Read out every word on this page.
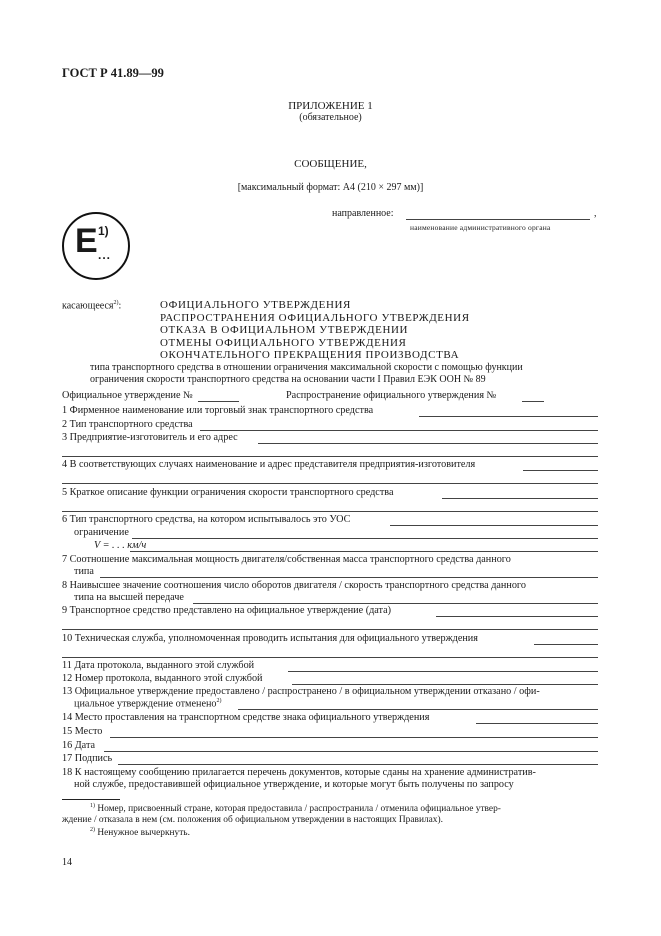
ГОСТ Р 41.89—99
ПРИЛОЖЕНИЕ 1
(обязательное)
СООБЩЕНИЕ,
[максимальный формат: А4 (210 × 297 мм)]
направленное:	,
наименование административного органа
E 1)
...
касающееся$^{2)}$:	ОФИЦИАЛЬНОГО УТВЕРЖДЕНИЯ
РАСПРОСТРАНЕНИЯ ОФИЦИАЛЬНОГО УТВЕРЖДЕНИЯ
ОТКАЗА В ОФИЦИАЛЬНОМ УТВЕРЖДЕНИИ
ОТМЕНЫ ОФИЦИАЛЬНОГО УТВЕРЖДЕНИЯ
ОКОНЧАТЕЛЬНОГО ПРЕКРАЩЕНИЯ ПРОИЗВОДСТВА
типа транспортного средства в отношении ограничения максимальной скорости с помощью функции
ограничения скорости транспортного средства на основании части I Правил ЕЭК ООН № 89
Официальное утверждение №	Распространение официального утверждения №
1 Фирменное наименование или торговый знак транспортного средства
2 Тип транспортного средства
3 Предприятие-изготовитель и его адрес
4 В соответствующих случаях наименование и адрес представителя предприятия-изготовителя
5 Краткое описание функции ограничения скорости транспортного средства
6 Тип транспортного средства, на котором испытывалось это УОС
ограничение
V = . . . км/ч
7 Соотношение максимальная мощность двигателя/собственная масса транспортного средства данного
типа
8 Наивысшее значение соотношения число оборотов двигателя / скорость транспортного средства данного
типа на высшей передаче
9 Транспортное средство представлено на официальное утверждение (дата)
10 Техническая служба, уполномоченная проводить испытания для официального утверждения
11 Дата протокола, выданного этой службой
12 Номер протокола, выданного этой службой
13 Официальное утверждение предоставлено / распространено / в официальном утверждении отказано / офи-
циальное утверждение отменено$^{2)}$
14 Место проставления на транспортном средстве знака официального утверждения
15 Место
16 Дата
17 Подпись
18 К настоящему сообщению прилагается перечень документов, которые сданы на хранение административ-
ной службе, предоставившей официальное утверждение, и которые могут быть получены по запросу
$^{1)}$ Номер, присвоенный стране, которая предоставила / распространила / отменила официальное утвер-
ждение / отказала в нем (см. положения об официальном утверждении в настоящих Правилах).
$^{2)}$ Ненужное вычеркнуть.
14
